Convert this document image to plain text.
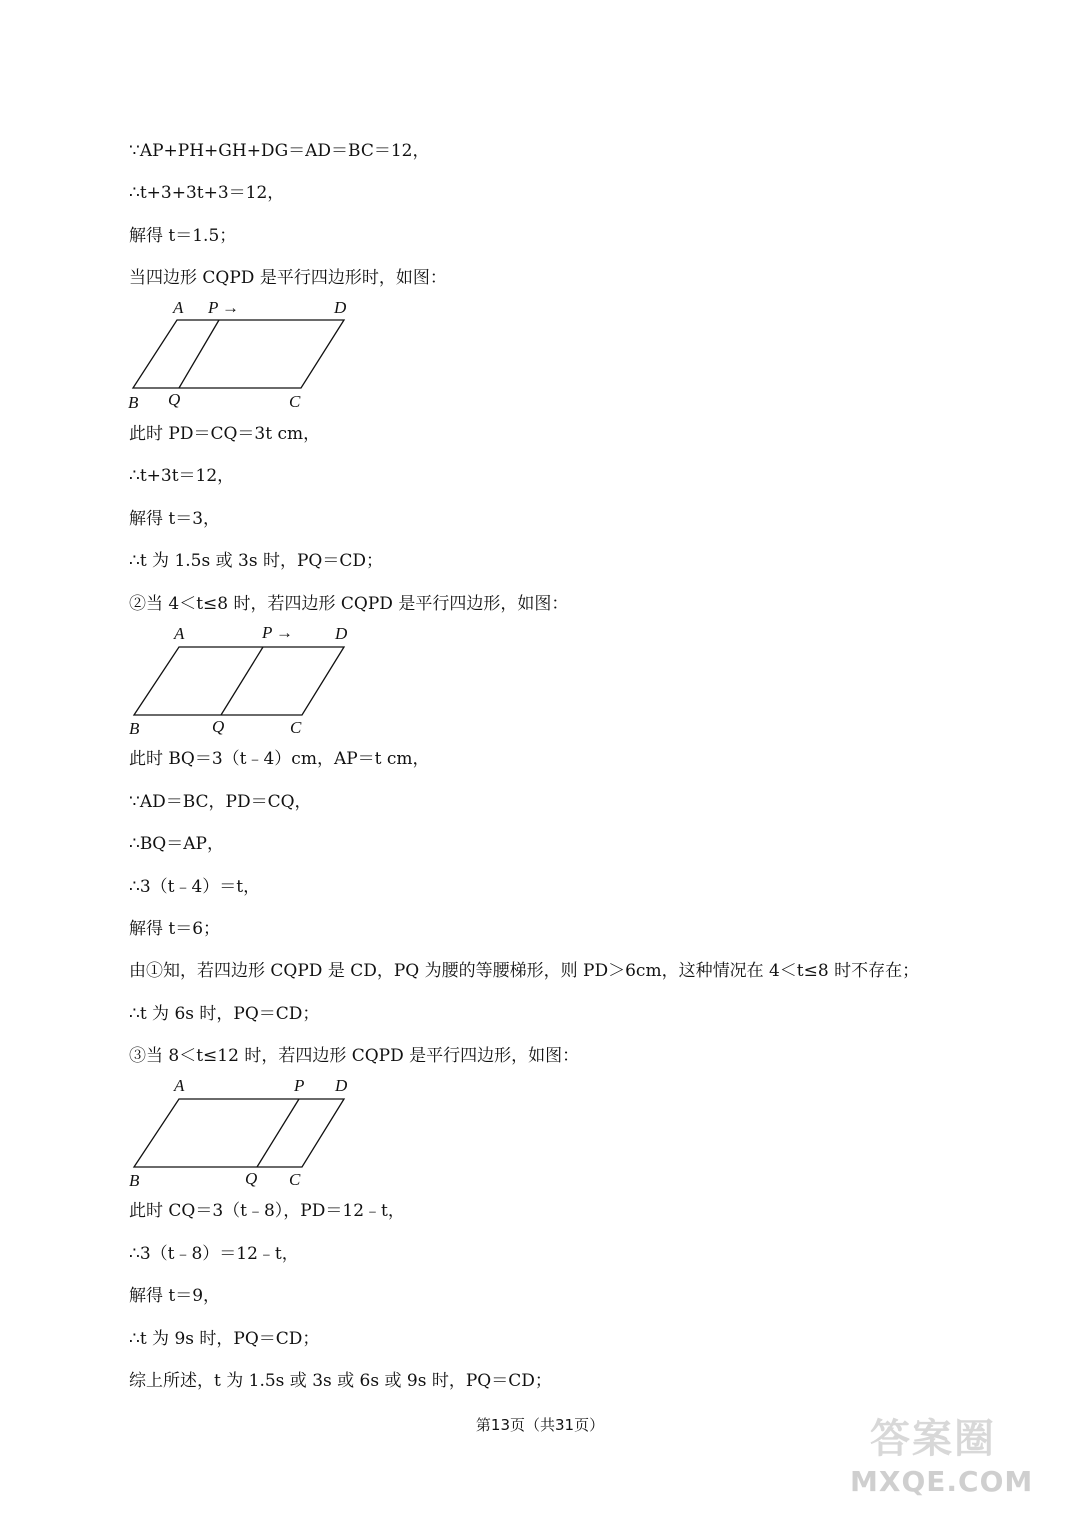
∵AP+PH+GH+DG＝AD＝BC＝12，
∴t+3+3t+3＝12，
解得 t＝1.5；
当四边形 CQPD 是平行四边形时，如图：
A P →	D
B Q	C
此时 PD＝CQ＝3t cm，
∴t+3t＝12，
解得 t＝3，
∴t 为 1.5s 或 3s 时，PQ＝CD；
②当 4＜t≤8 时，若四边形 CQPD 是平行四边形，如图：
A	P → D
B	Q	C
此时 BQ＝3（t﹣4）cm，AP＝t cm，
∵AD＝BC，PD＝CQ，
∴BQ＝AP，
∴3（t﹣4）＝t，
解得 t＝6；
由①知，若四边形 CQPD 是 CD，PQ 为腰的等腰梯形，则 PD＞6cm，这种情况在 4＜t≤8 时不存在；
∴t 为 6s 时，PQ＝CD；
③当 8＜t≤12 时，若四边形 CQPD 是平行四边形，如图：
A	P D
B	Q C
此时 CQ＝3（t﹣8），PD＝12﹣t，
∴3（t﹣8）＝12﹣t，
解得 t＝9，
∴t 为 9s 时，PQ＝CD；
综上所述，t 为 1.5s 或 3s 或 6s 或 9s 时，PQ＝CD；
第13页（共31页）	答案圈
MXQE.COM
